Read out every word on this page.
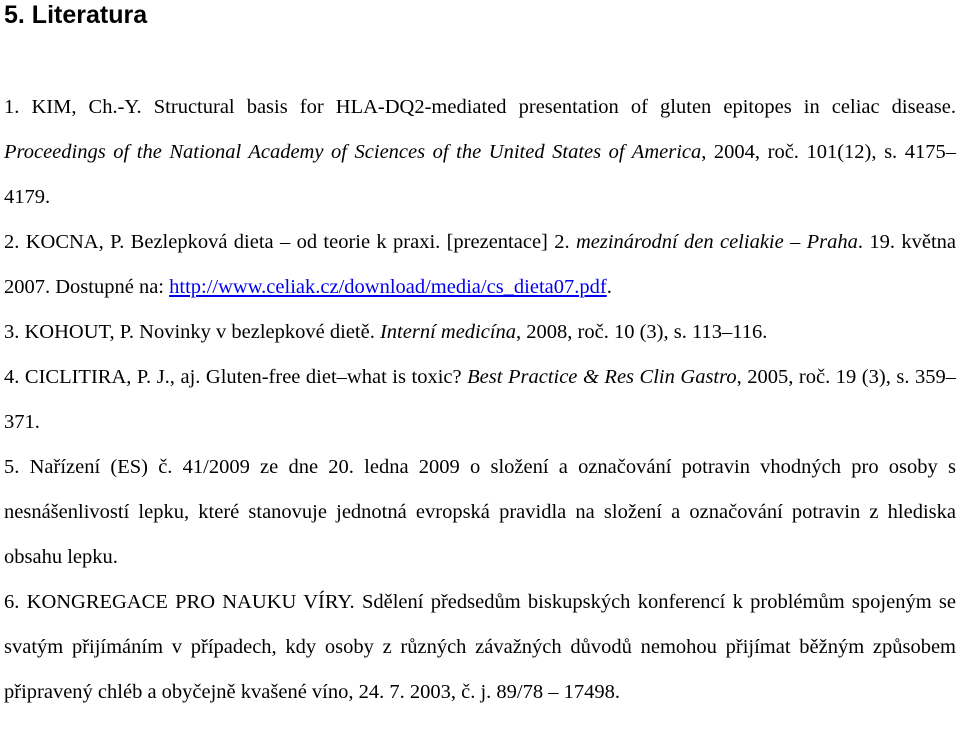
5. Literatura

1. KIM, Ch.-Y. Structural basis for HLA-DQ2-mediated presentation of gluten epitopes in celiac disease. Proceedings of the National Academy of Sciences of the United States of America, 2004, roč. 101(12), s. 4175–4179.

2. KOCNA, P. Bezlepková dieta – od teorie k praxi. [prezentace] 2. mezinárodní den celiakie – Praha. 19. května 2007. Dostupné na: http://www.celiak.cz/download/media/cs_dieta07.pdf.

3. KOHOUT, P. Novinky v bezlepkové dietě. Interní medicína, 2008, roč. 10 (3), s. 113–116.

4. CICLITIRA, P. J., aj. Gluten-free diet–what is toxic? Best Practice & Res Clin Gastro, 2005, roč. 19 (3), s. 359–371.

5. Nařízení (ES) č. 41/2009 ze dne 20. ledna 2009 o složení a označování potravin vhodných pro osoby s nesnášenlivostí lepku, které stanovuje jednotná evropská pravidla na složení a označování potravin z hlediska obsahu lepku.

6. KONGREGACE PRO NAUKU VÍRY. Sdělení předsedům biskupských konferencí k problémům spojeným se svatým přijímáním v případech, kdy osoby z různých závažných důvodů nemohou přijímat běžným způsobem připravený chléb a obyčejně kvašené víno, 24. 7. 2003, č. j. 89/78 – 17498.
